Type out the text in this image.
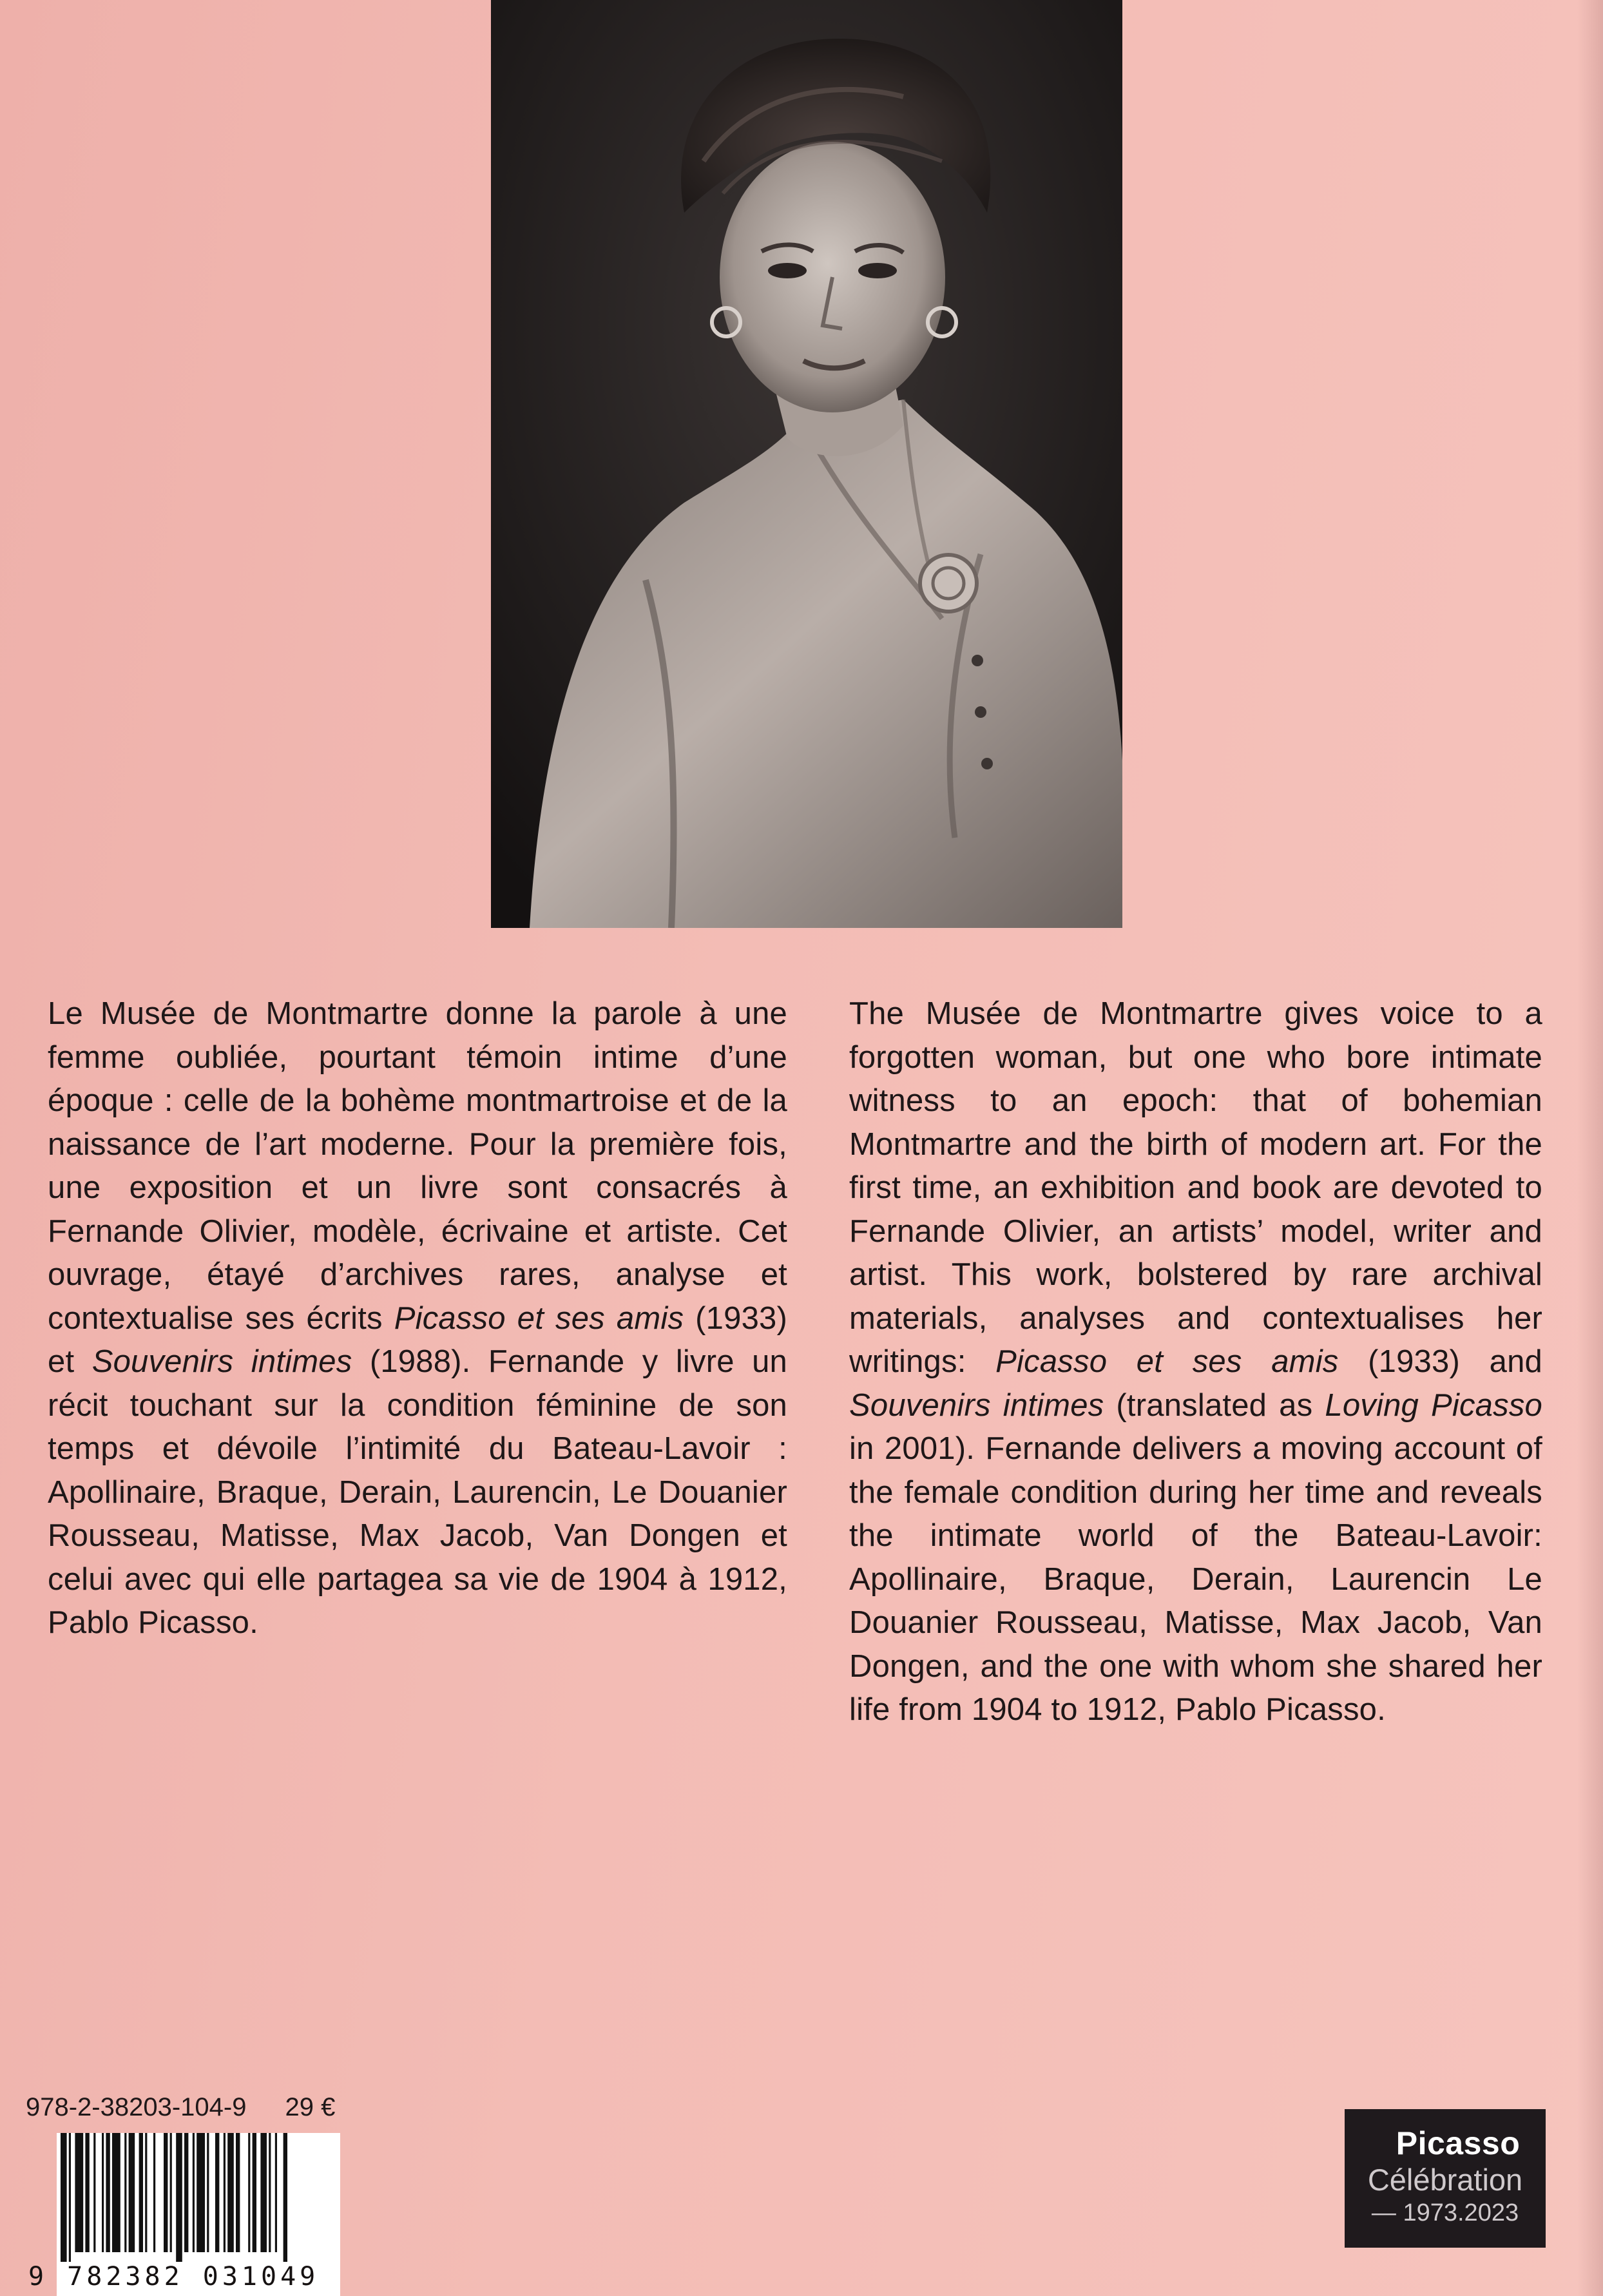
Le Musée de Montmartre donne la parole à une femme oubliée, pourtant témoin intime d’une époque : celle de la bohème montmartroise et de la naissance de l’art moderne. Pour la première fois, une exposition et un livre sont consacrés à Fernande Olivier, modèle, écrivaine et artiste. Cet ouvrage, étayé d’archives rares, analyse et contextualise ses écrits Picasso et ses amis (1933) et Souvenirs intimes (1988). Fernande y livre un récit touchant sur la condition féminine de son temps et dévoile l’intimité du Bateau-Lavoir : Apollinaire, Braque, Derain, Laurencin, Le Douanier Rousseau, Matisse, Max Jacob, Van Dongen et celui avec qui elle partagea sa vie de 1904 à 1912, Pablo Picasso.

The Musée de Montmartre gives voice to a forgotten woman, but one who bore intimate witness to an epoch: that of bohemian Montmartre and the birth of modern art. For the first time, an exhibition and book are devoted to Fernande Olivier, an artists’ model, writer and artist. This work, bolstered by rare archival materials, analyses and contextualises her writings: Picasso et ses amis (1933) and Souvenirs intimes (translated as Loving Picasso in 2001). Fernande delivers a moving account of the female condition during her time and reveals the intimate world of the Bateau-Lavoir: Apollinaire, Braque, Derain, Laurencin Le Douanier Rousseau, Matisse, Max Jacob, Van Dongen, and the one with whom she shared her life from 1904 to 1912, Pablo Picasso.

978-2-38203-104-9 29 €
9 782382 031049
Picasso
Célébration
— 1973.2023
